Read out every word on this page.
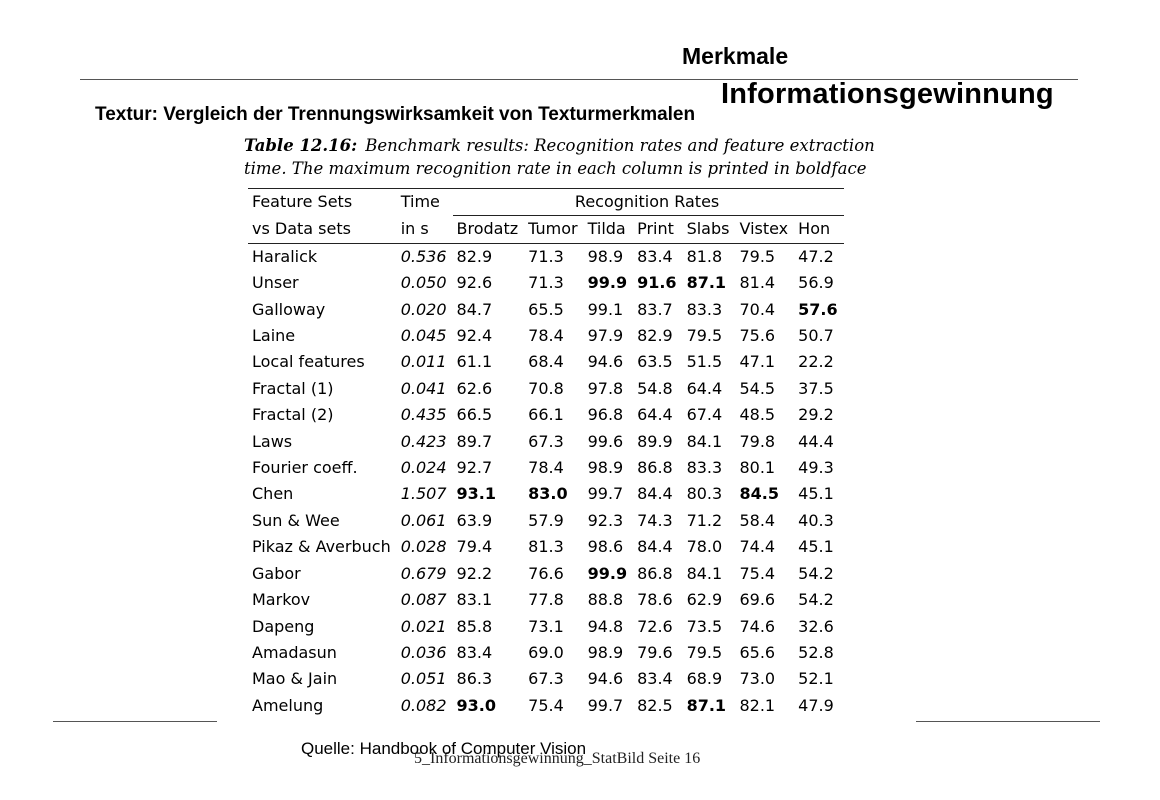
Merkmale
Informationsgewinnung
Textur: Vergleich der Trennungswirksamkeit von Texturmerkmalen
Table 12.16: Benchmark results: Recognition rates and feature extraction time. The maximum recognition rate in each column is printed in boldface
Feature Sets	Time	Recognition Rates						
vs Data sets	in s	Brodatz	Tumor	Tilda	Print	Slabs	Vistex	Hon
Haralick	0.536	82.9	71.3	98.9	83.4	81.8	79.5	47.2
Unser	0.050	92.6	71.3	99.9	91.6	87.1	81.4	56.9
Galloway	0.020	84.7	65.5	99.1	83.7	83.3	70.4	57.6
Laine	0.045	92.4	78.4	97.9	82.9	79.5	75.6	50.7
Local features	0.011	61.1	68.4	94.6	63.5	51.5	47.1	22.2
Fractal (1)	0.041	62.6	70.8	97.8	54.8	64.4	54.5	37.5
Fractal (2)	0.435	66.5	66.1	96.8	64.4	67.4	48.5	29.2
Laws	0.423	89.7	67.3	99.6	89.9	84.1	79.8	44.4
Fourier coeff.	0.024	92.7	78.4	98.9	86.8	83.3	80.1	49.3
Chen	1.507	93.1	83.0	99.7	84.4	80.3	84.5	45.1
Sun & Wee	0.061	63.9	57.9	92.3	74.3	71.2	58.4	40.3
Pikaz & Averbuch	0.028	79.4	81.3	98.6	84.4	78.0	74.4	45.1
Gabor	0.679	92.2	76.6	99.9	86.8	84.1	75.4	54.2
Markov	0.087	83.1	77.8	88.8	78.6	62.9	69.6	54.2
Dapeng	0.021	85.8	73.1	94.8	72.6	73.5	74.6	32.6
Amadasun	0.036	83.4	69.0	98.9	79.6	79.5	65.6	52.8
Mao & Jain	0.051	86.3	67.3	94.6	83.4	68.9	73.0	52.1
Amelung	0.082	93.0	75.4	99.7	82.5	87.1	82.1	47.9
5_Informationsgewinnung_StatBild Seite 16
Quelle: Handbook of Computer Vision
